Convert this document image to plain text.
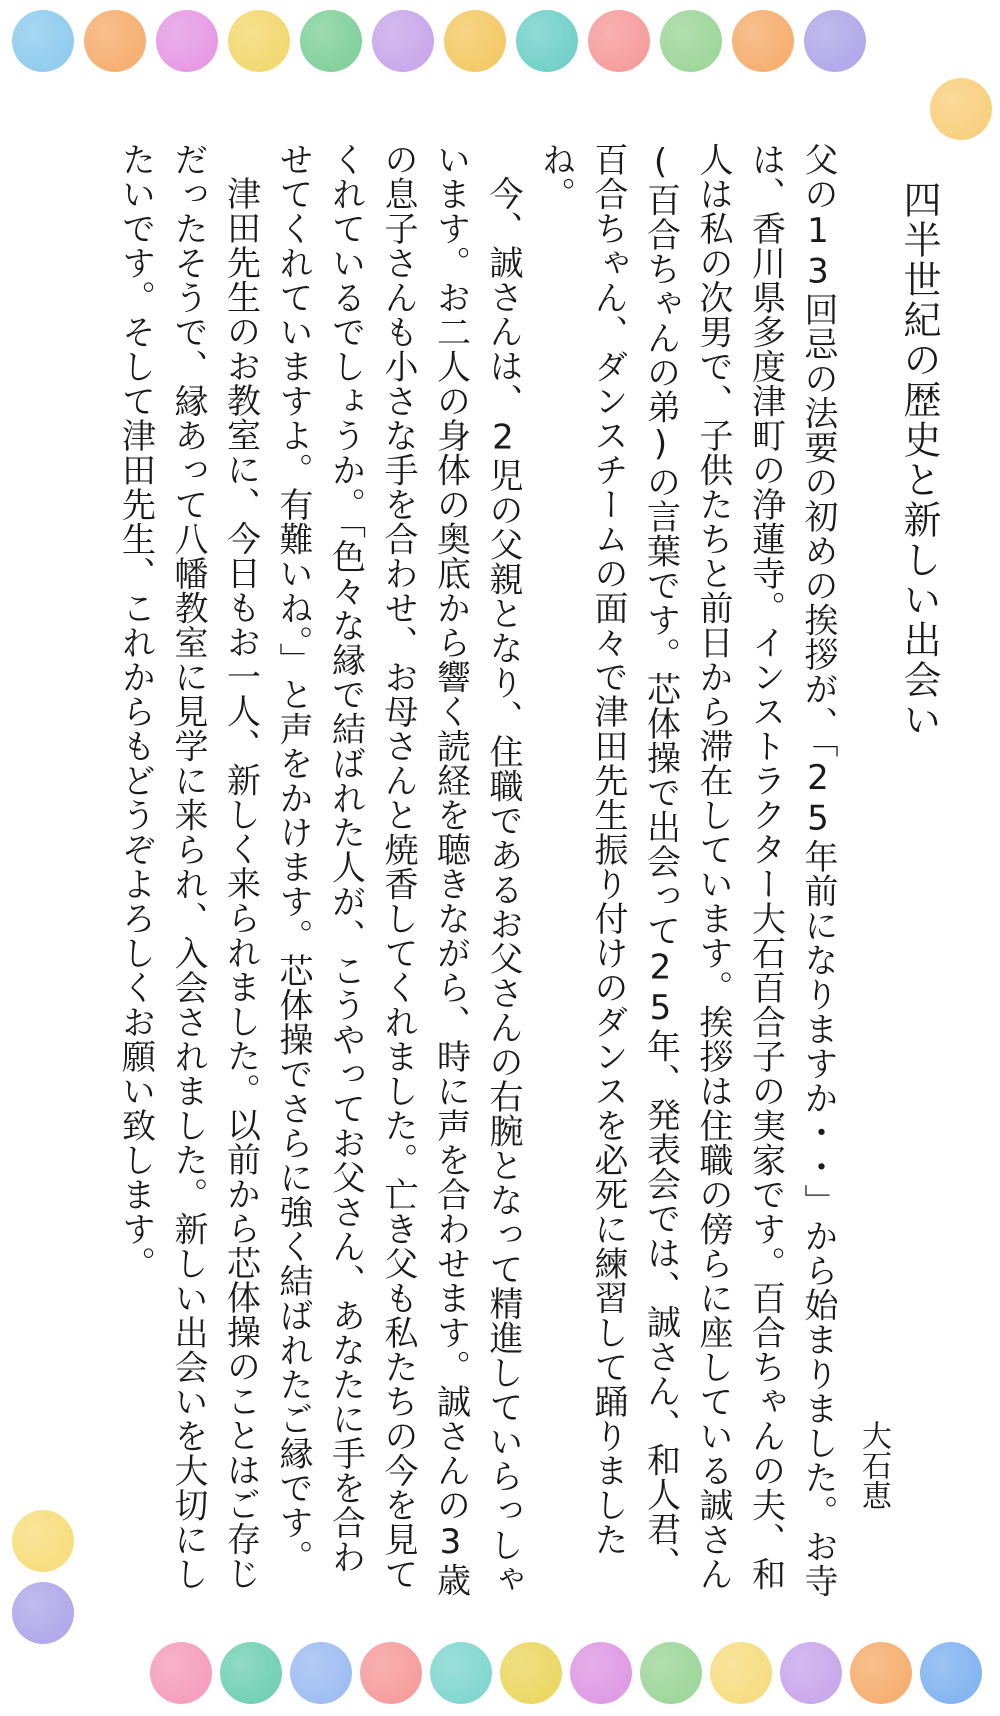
四半世紀の歴史と新しい出会い
大石恵

父の13回忌の法要の初めの挨拶が、「25年前になりますか・・」から始まりました。お寺は、香川県多度津町の浄蓮寺。インストラクター大石百合子の実家です。百合ちゃんの夫、和人は私の次男で、子供たちと前日から滞在しています。挨拶は住職の傍らに座している誠さん(百合ちゃんの弟)の言葉です。芯体操で出会って25年、発表会では、誠さん、和人君、百合ちゃん、ダンスチームの面々で津田先生振り付けのダンスを必死に練習して踊りましたね。

今、誠さんは、2児の父親となり、住職であるお父さんの右腕となって精進していらっしゃいます。お二人の身体の奥底から響く読経を聴きながら、時に声を合わせます。誠さんの3歳の息子さんも小さな手を合わせ、お母さんと焼香してくれました。亡き父も私たちの今を見てくれているでしょうか。「色々な縁で結ばれた人が、こうやってお父さん、あなたに手を合わせてくれていますよ。有難いね。」と声をかけます。芯体操でさらに強く結ばれたご縁です。

津田先生のお教室に、今日もお一人、新しく来られました。以前から芯体操のことはご存じだったそうで、縁あって八幡教室に見学に来られ、入会されました。新しい出会いを大切にしたいです。そして津田先生、これからもどうぞよろしくお願い致します。
